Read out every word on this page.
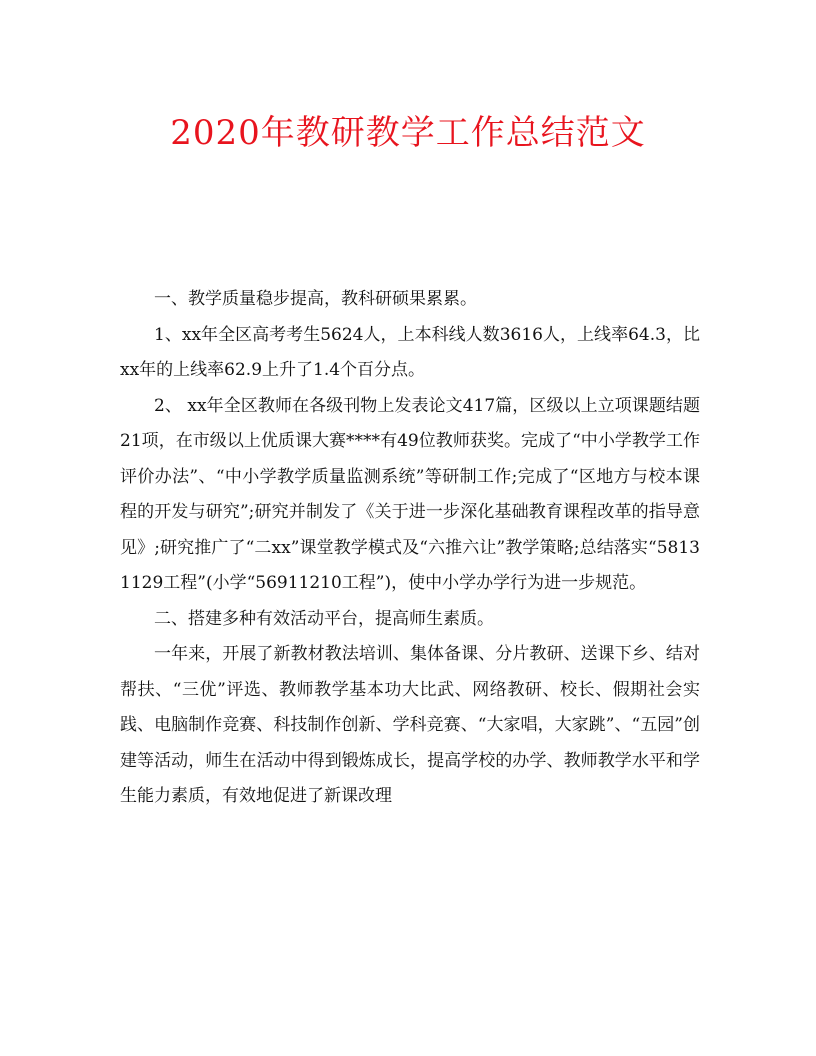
2020年教研教学工作总结范文

一、教学质量稳步提高，教科研硕果累累。

1、xx年全区高考考生5624人，上本科线人数3616人，上线率64.3，比xx年的上线率62.9上升了1.4个百分点。

2、 xx年全区教师在各级刊物上发表论文417篇，区级以上立项课题结题21项，在市级以上优质课大赛****有49位教师获奖。完成了“中小学教学工作评价办法”、“中小学教学质量监测系统”等研制工作;完成了“区地方与校本课程的开发与研究”;研究并制发了《关于进一步深化基础教育课程改革的指导意见》;研究推广了“二xx”课堂教学模式及“六推六让”教学策略;总结落实“58131129工程”(小学“56911210工程”)，使中小学办学行为进一步规范。

二、搭建多种有效活动平台，提高师生素质。

一年来，开展了新教材教法培训、集体备课、分片教研、送课下乡、结对帮扶、“三优”评选、教师教学基本功大比武、网络教研、校长、假期社会实践、电脑制作竞赛、科技制作创新、学科竞赛、“大家唱，大家跳”、“五园”创建等活动，师生在活动中得到锻炼成长，提高学校的办学、教师教学水平和学生能力素质，有效地促进了新课改理
